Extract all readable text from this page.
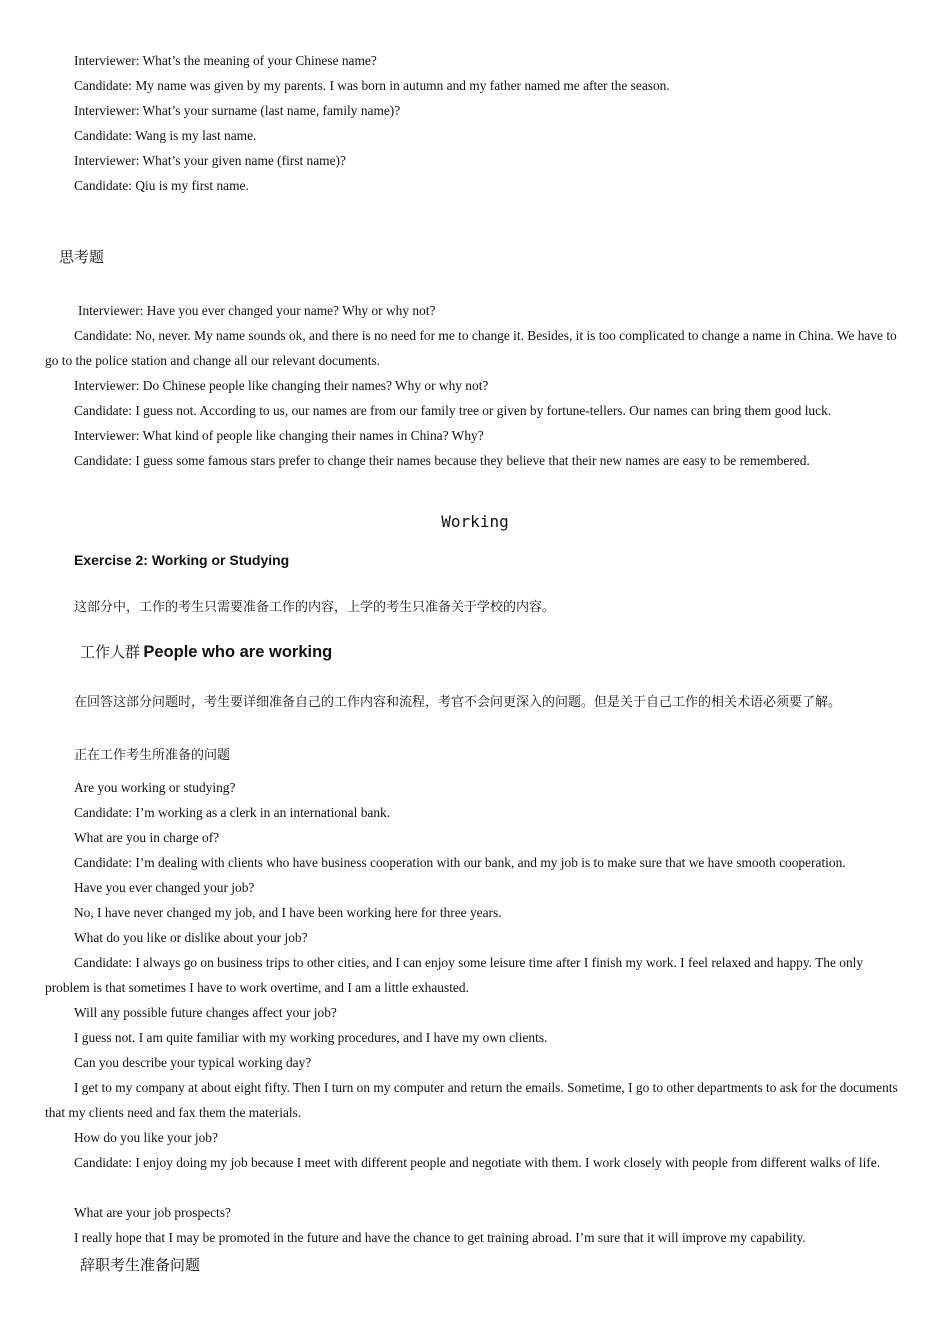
Interviewer: What’s the meaning of your Chinese name?
Candidate: My name was given by my parents. I was born in autumn and my father named me after the season.
Interviewer: What’s your surname (last name, family name)?
Candidate: Wang is my last name.
Interviewer: What’s your given name (first name)?
Candidate: Qiu is my first name.
思考题
Interviewer: Have you ever changed your name? Why or why not?
Candidate: No, never. My name sounds ok, and there is no need for me to change it. Besides, it is too complicated to change a name in China. We have to go to the police station and change all our relevant documents.
Interviewer: Do Chinese people like changing their names? Why or why not?
Candidate: I guess not. According to us, our names are from our family tree or given by fortune-tellers. Our names can bring them good luck.
Interviewer: What kind of people like changing their names in China? Why?
Candidate: I guess some famous stars prefer to change their names because they believe that their new names are easy to be remembered.
Working
Exercise 2: Working or Studying
这部分中，工作的考生只需要准备工作的内容，上学的考生只准备关于学校的内容。
工作人群 People who are working
在回答这部分问题时，考生要详细准备自己的工作内容和流程，考官不会问更深入的问题。但是关于自己工作的相关术语必须要了解。
正在工作考生所准备的问题
Are you working or studying?
Candidate: I’m working as a clerk in an international bank.
What are you in charge of?
Candidate: I’m dealing with clients who have business cooperation with our bank, and my job is to make sure that we have smooth cooperation.
Have you ever changed your job?
No, I have never changed my job, and I have been working here for three years.
What do you like or dislike about your job?
Candidate: I always go on business trips to other cities, and I can enjoy some leisure time after I finish my work. I feel relaxed and happy. The only problem is that sometimes I have to work overtime, and I am a little exhausted.
Will any possible future changes affect your job?
I guess not. I am quite familiar with my working procedures, and I have my own clients.
Can you describe your typical working day?
I get to my company at about eight fifty. Then I turn on my computer and return the emails. Sometime, I go to other departments to ask for the documents that my clients need and fax them the materials.
How do you like your job?
Candidate: I enjoy doing my job because I meet with different people and negotiate with them. I work closely with people from different walks of life.
What are your job prospects?
I really hope that I may be promoted in the future and have the chance to get training abroad. I’m sure that it will improve my capability.
辞职考生准备问题
